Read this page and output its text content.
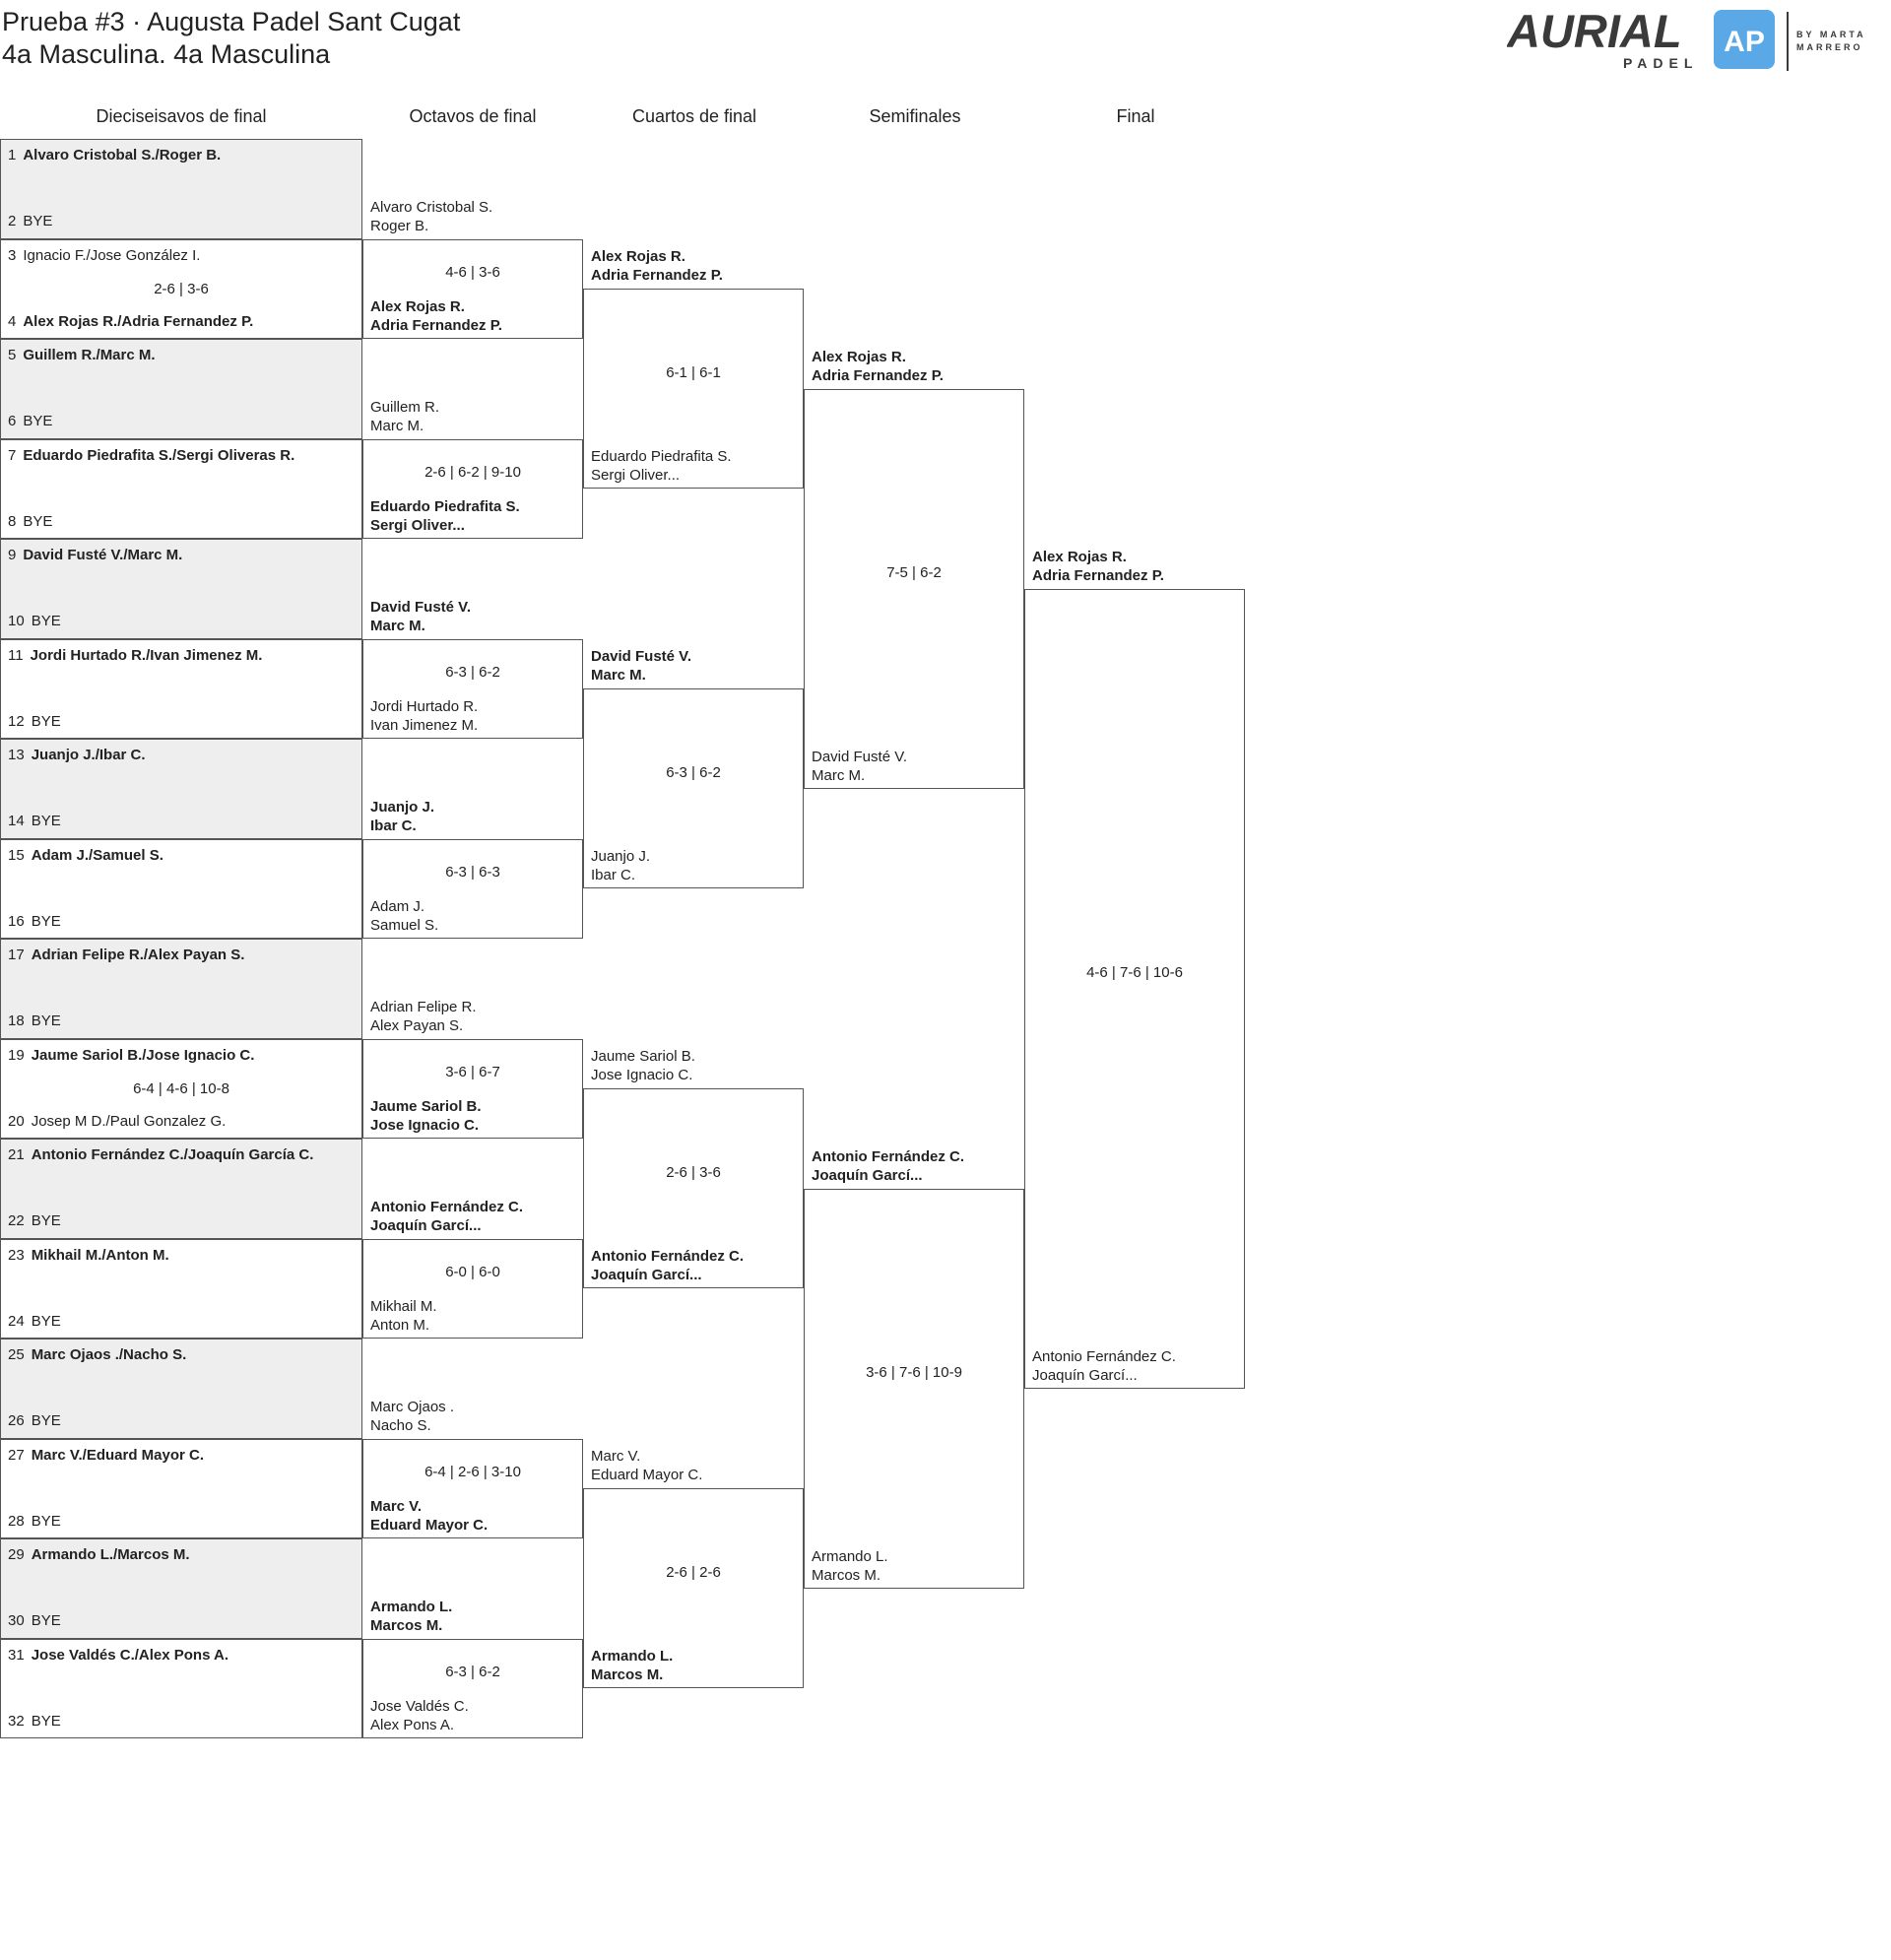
Prueba #3 · Augusta Padel Sant Cugat
4a Masculina. 4a Masculina	AURIAL
PADEL
AP	BY MARTA
MARRERO
Dieciseisavos de final	Octavos de final	Cuartos de final	Semifinales	Final
1 Alvaro Cristobal S./Roger B.
2 BYE
3 Ignacio F./Jose González I.
4 Alex Rojas R./Adria Fernandez P.
2-6 | 3-6
5 Guillem R./Marc M.
6 BYE
7 Eduardo Piedrafita S./Sergi Oliveras R.
8 BYE
9 David Fusté V./Marc M.
10 BYE
11 Jordi Hurtado R./Ivan Jimenez M.
12 BYE
13 Juanjo J./Ibar C.
14 BYE
15 Adam J./Samuel S.
16 BYE
17 Adrian Felipe R./Alex Payan S.
18 BYE
19 Jaume Sariol B./Jose Ignacio C.
20 Josep M D./Paul Gonzalez G.
6-4 | 4-6 | 10-8
21 Antonio Fernández C./Joaquín García C.
22 BYE
23 Mikhail M./Anton M.
24 BYE
25 Marc Ojaos ./Nacho S.
26 BYE
27 Marc V./Eduard Mayor C.
28 BYE
29 Armando L./Marcos M.
30 BYE
31 Jose Valdés C./Alex Pons A.
32 BYE
Alvaro Cristobal S.
Roger B.
Alex Rojas R.
Adria Fernandez P.
4-6 | 3-6
Guillem R.
Marc M.
Eduardo Piedrafita S.
Sergi Oliver...
2-6 | 6-2 | 9-10
David Fusté V.
Marc M.
Jordi Hurtado R.
Ivan Jimenez M.
6-3 | 6-2
Juanjo J.
Ibar C.
Adam J.
Samuel S.
6-3 | 6-3
Adrian Felipe R.
Alex Payan S.
Jaume Sariol B.
Jose Ignacio C.
3-6 | 6-7
Antonio Fernández C.
Joaquín Garcí...
Mikhail M.
Anton M.
6-0 | 6-0
Marc Ojaos .
Nacho S.
Marc V.
Eduard Mayor C.
6-4 | 2-6 | 3-10
Armando L.
Marcos M.
Jose Valdés C.
Alex Pons A.
6-3 | 6-2
Alex Rojas R.
Adria Fernandez P.
Eduardo Piedrafita S.
Sergi Oliver...
6-1 | 6-1
David Fusté V.
Marc M.
Juanjo J.
Ibar C.
6-3 | 6-2
Jaume Sariol B.
Jose Ignacio C.
Antonio Fernández C.
Joaquín Garcí...
2-6 | 3-6
Marc V.
Eduard Mayor C.
Armando L.
Marcos M.
2-6 | 2-6
Alex Rojas R.
Adria Fernandez P.
David Fusté V.
Marc M.
7-5 | 6-2
Antonio Fernández C.
Joaquín Garcí...
Armando L.
Marcos M.
3-6 | 7-6 | 10-9
Alex Rojas R.
Adria Fernandez P.
Antonio Fernández C.
Joaquín Garcí...
4-6 | 7-6 | 10-6
